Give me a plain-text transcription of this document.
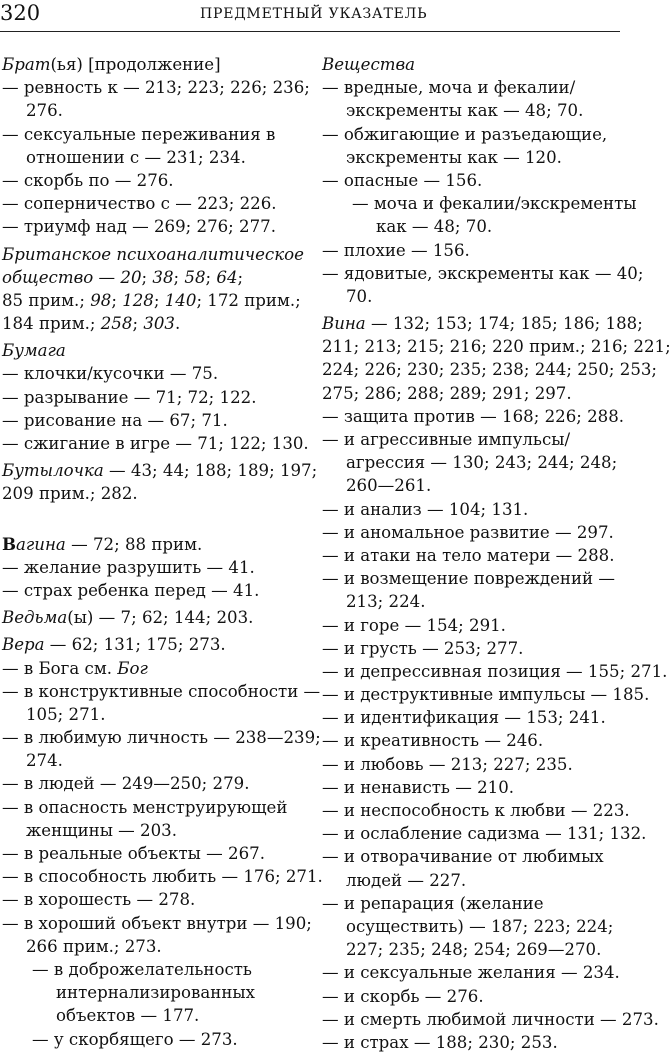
320	ПРЕДМЕТНЫЙ УКАЗАТЕЛЬ
Брат(ья) [продолжение]
— ревность к — 213; 223; 226; 236;
276.
— сексуальные переживания в
отношении с — 231; 234.
— скорбь по — 276.
— соперничество с — 223; 226.
— триумф над — 269; 276; 277.
Британское психоаналитическое
общество — 20; 38; 58; 64;
85 прим.; 98; 128; 140; 172 прим.;
184 прим.; 258; 303.
Бумага
— клочки/кусочки — 75.
— разрывание — 71; 72; 122.
— рисование на — 67; 71.
— сжигание в игре — 71; 122; 130.
Бутылочка — 43; 44; 188; 189; 197;
209 прим.; 282.
Вагина — 72; 88 прим.
— желание разрушить — 41.
— страх ребенка перед — 41.
Ведьма(ы) — 7; 62; 144; 203.
Вера — 62; 131; 175; 273.
— в Бога см. Бог
— в конструктивные способности —
105; 271.
— в любимую личность — 238—239;
274.
— в людей — 249—250; 279.
— в опасность менструирующей
женщины — 203.
— в реальные объекты — 267.
— в способность любить — 176; 271.
— в хорошесть — 278.
— в хороший объект внутри — 190;
266 прим.; 273.
— в доброжелательность
интернализированных
объектов — 177.
— у скорбящего — 273.
Вещества
— вредные, моча и фекалии/
экскременты как — 48; 70.
— обжигающие и разъедающие,
экскременты как — 120.
— опасные — 156.
— моча и фекалии/экскременты
как — 48; 70.
— плохие — 156.
— ядовитые, экскременты как — 40;
70.
Вина — 132; 153; 174; 185; 186; 188;
211; 213; 215; 216; 220 прим.; 216; 221;
224; 226; 230; 235; 238; 244; 250; 253;
275; 286; 288; 289; 291; 297.
— защита против — 168; 226; 288.
— и агрессивные импульсы/
агрессия — 130; 243; 244; 248;
260—261.
— и анализ — 104; 131.
— и аномальное развитие — 297.
— и атаки на тело матери — 288.
— и возмещение повреждений —
213; 224.
— и горе — 154; 291.
— и грусть — 253; 277.
— и депрессивная позиция — 155; 271.
— и деструктивные импульсы — 185.
— и идентификация — 153; 241.
— и креативность — 246.
— и любовь — 213; 227; 235.
— и ненависть — 210.
— и неспособность к любви — 223.
— и ослабление садизма — 131; 132.
— и отворачивание от любимых
людей — 227.
— и репарация (желание
осуществить) — 187; 223; 224;
227; 235; 248; 254; 269—270.
— и сексуальные желания — 234.
— и скорбь — 276.
— и смерть любимой личности — 273.
— и страх — 188; 230; 253.
